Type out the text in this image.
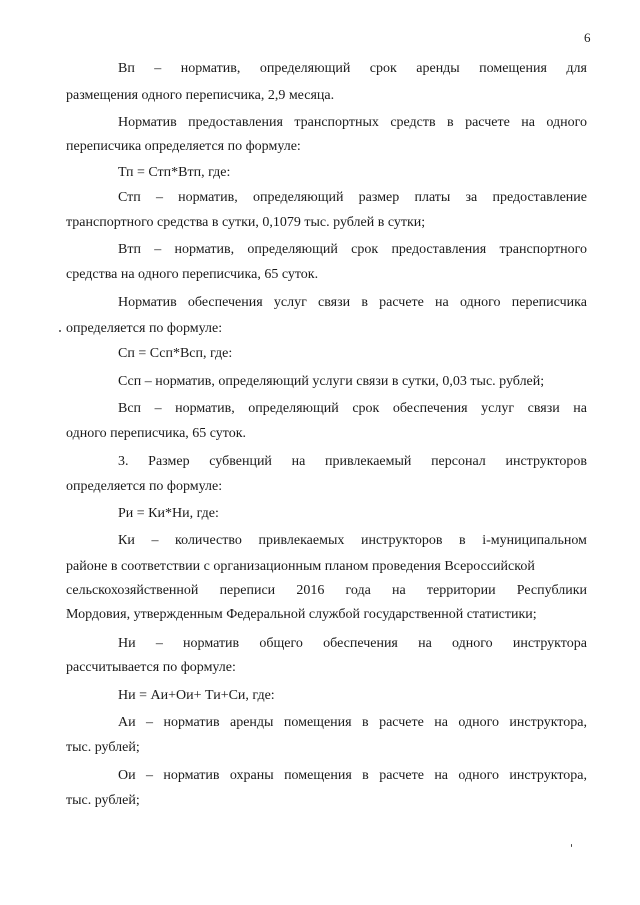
6
Вп – норматив, определяющий срок аренды помещения для
размещения одного переписчика, 2,9 месяца.
Норматив предоставления транспортных средств в расчете на одного
переписчика определяется по формуле:
Тп = Стп*Втп, где:
Стп – норматив, определяющий размер платы за предоставление
транспортного средства в сутки, 0,1079 тыс. рублей в сутки;
Втп – норматив, определяющий срок предоставления транспортного
средства на одного переписчика, 65 суток.
Норматив обеспечения услуг связи в расчете на одного переписчика
определяется по формуле:
Сп = Ссп*Всп, где:
Ссп – норматив, определяющий услуги связи в сутки, 0,03 тыс. рублей;
Всп – норматив, определяющий срок обеспечения услуг связи на
одного переписчика, 65 суток.
3. Размер субвенций на привлекаемый персонал инструкторов
определяется по формуле:
Ри = Ки*Ни, где:
Ки – количество привлекаемых инструкторов в i-муниципальном
районе в соответствии с организационным планом проведения Всероссийской
сельскохозяйственной переписи 2016 года на территории Республики
Мордовия, утвержденным Федеральной службой государственной статистики;
Ни – норматив общего обеспечения на одного инструктора
рассчитывается по формуле:
Ни = Аи+Ои+ Ти+Си, где:
Аи – норматив аренды помещения в расчете на одного инструктора,
тыс. рублей;
Ои – норматив охраны помещения в расчете на одного инструктора,
тыс. рублей;
